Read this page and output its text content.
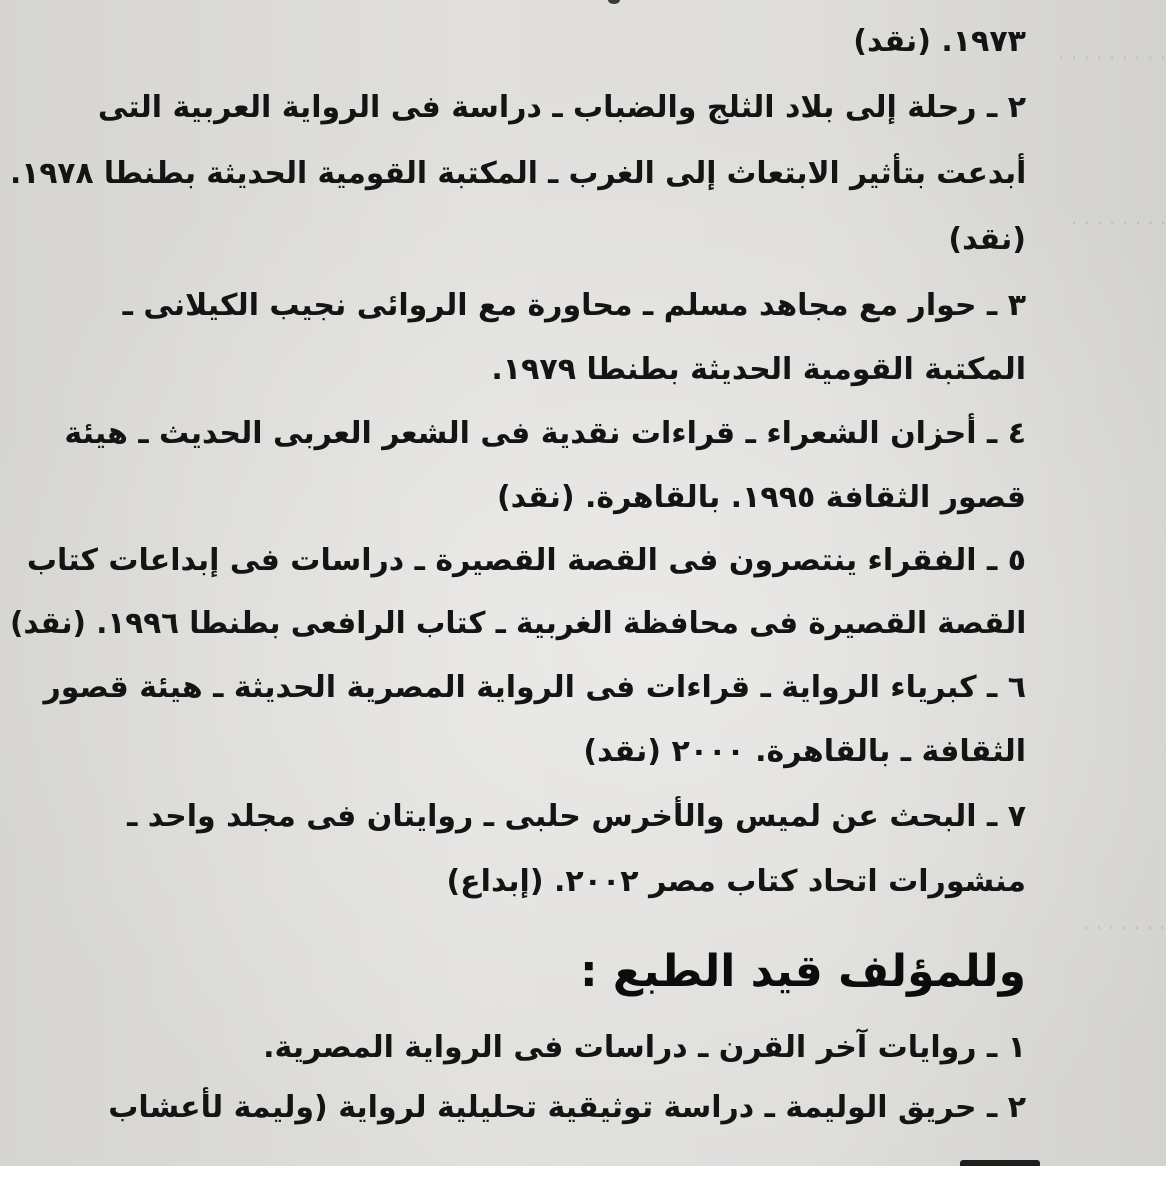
. . . . . . . . .
. . . . . . . .
. . . . . . .
١٩٧٣. (نقد)
٢ ـ رحلة إلى بلاد الثلج والضباب ـ دراسة فى الرواية العربية التى
أبدعت بتأثير الابتعاث إلى الغرب ـ المكتبة القومية الحديثة بطنطا ١٩٧٨.
(نقد)
٣ ـ حوار مع مجاهد مسلم ـ محاورة مع الروائى نجيب الكيلانى ـ
المكتبة القومية الحديثة بطنطا ١٩٧٩.
٤ ـ أحزان الشعراء ـ قراءات نقدية فى الشعر العربى الحديث ـ هيئة
قصور الثقافة ١٩٩٥. بالقاهرة. (نقد)
٥ ـ الفقراء ينتصرون فى القصة القصيرة ـ دراسات فى إبداعات كتاب
القصة القصيرة فى محافظة الغربية ـ كتاب الرافعى بطنطا ١٩٩٦. (نقد)
٦ ـ كبرياء الرواية ـ قراءات فى الرواية المصرية الحديثة ـ هيئة قصور
الثقافة ـ بالقاهرة. ٢٠٠٠ (نقد)
٧ ـ البحث عن لميس والأخرس حلبى ـ روايتان فى مجلد واحد ـ
منشورات اتحاد كتاب مصر ٢٠٠٢. (إبداع)
وللمؤلف قيد الطبع :
١ ـ روايات آخر القرن ـ دراسات فى الرواية المصرية.
٢ ـ حريق الوليمة ـ دراسة توثيقية تحليلية لرواية (وليمة لأعشاب
